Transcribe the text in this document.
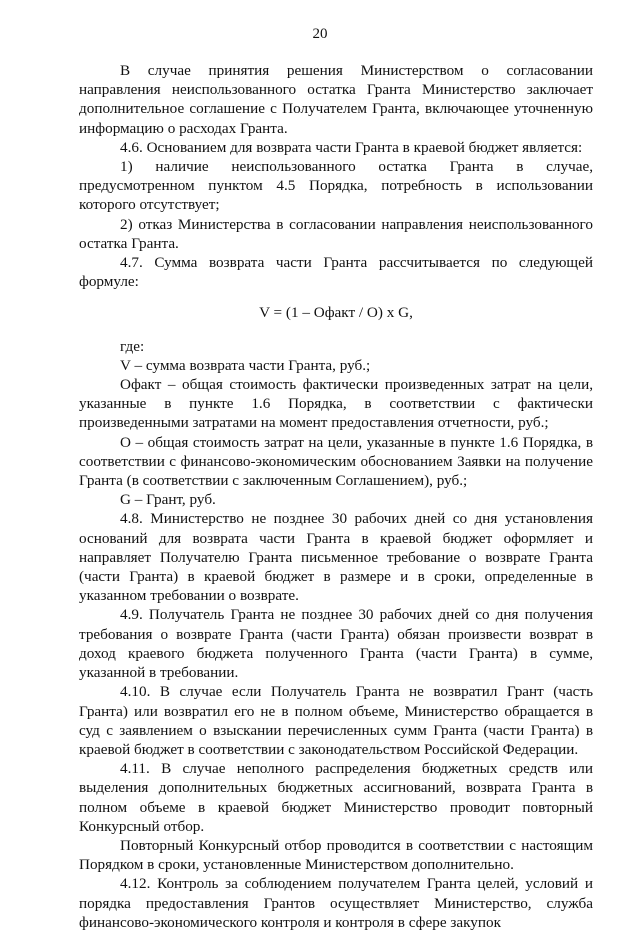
20

В случае принятия решения Министерством о согласовании направления неиспользованного остатка Гранта Министерство заключает дополнительное соглашение с Получателем Гранта, включающее уточненную информацию о расходах Гранта.

4.6. Основанием для возврата части Гранта в краевой бюджет является:

1) наличие неиспользованного остатка Гранта в случае, предусмотренном пунктом 4.5 Порядка, потребность в использовании которого отсутствует;

2) отказ Министерства в согласовании направления неиспользованного остатка Гранта.

4.7. Сумма возврата части Гранта рассчитывается по следующей формуле:

V = (1 – Офакт / О) х G,

где:

V – сумма возврата части Гранта, руб.;

Офакт – общая стоимость фактически произведенных затрат на цели, указанные в пункте 1.6 Порядка, в соответствии с фактически произведенными затратами на момент предоставления отчетности, руб.;

О – общая стоимость затрат на цели, указанные в пункте 1.6 Порядка, в соответствии с финансово-экономическим обоснованием Заявки на получение Гранта (в соответствии с заключенным Соглашением), руб.;

G – Грант, руб.

4.8. Министерство не позднее 30 рабочих дней со дня установления оснований для возврата части Гранта в краевой бюджет оформляет и направляет Получателю Гранта письменное требование о возврате Гранта (части Гранта) в краевой бюджет в размере и в сроки, определенные в указанном требовании о возврате.

4.9. Получатель Гранта не позднее 30 рабочих дней со дня получения требования о возврате Гранта (части Гранта) обязан произвести возврат в доход краевого бюджета полученного Гранта (части Гранта) в сумме, указанной в требовании.

4.10. В случае если Получатель Гранта не возвратил Грант (часть Гранта) или возвратил его не в полном объеме, Министерство обращается в суд с заявлением о взыскании перечисленных сумм Гранта (части Гранта) в краевой бюджет в соответствии с законодательством Российской Федерации.

4.11. В случае неполного распределения бюджетных средств или выделения дополнительных бюджетных ассигнований, возврата Гранта в полном объеме в краевой бюджет Министерство проводит повторный Конкурсный отбор.

Повторный Конкурсный отбор проводится в соответствии с настоящим Порядком в сроки, установленные Министерством дополнительно.

4.12. Контроль за соблюдением получателем Гранта целей, условий и порядка предоставления Грантов осуществляет Министерство, служба финансово-экономического контроля и контроля в сфере закупок
